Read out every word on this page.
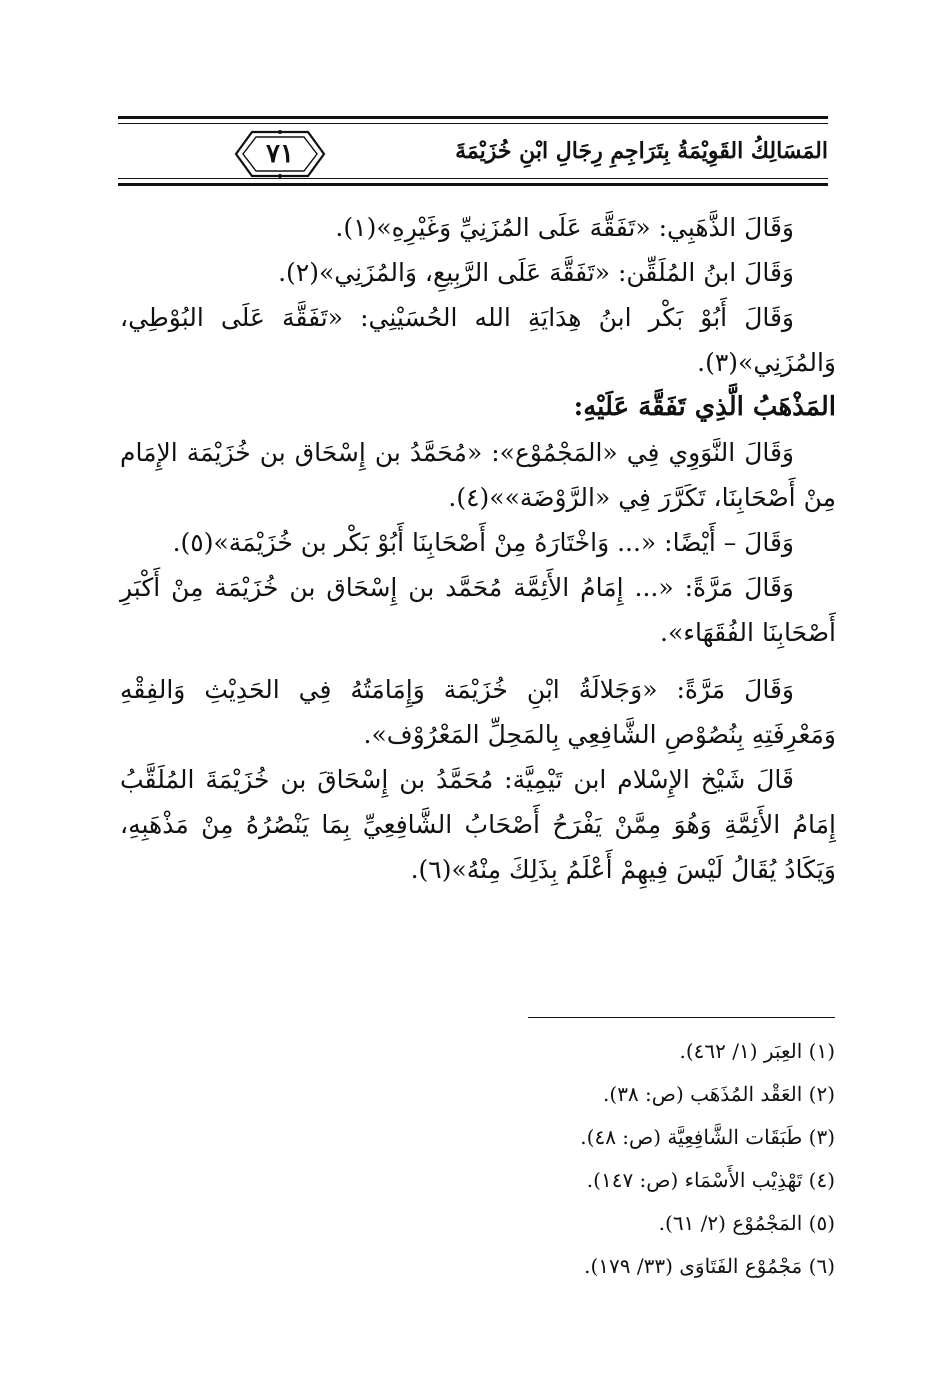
٧١	المَسَالِكُ القَوِيْمَةُ بِتَرَاجِمِ رِجَالِ ابْنِ خُزَيْمَةَ

وَقَالَ الذَّهَبِي: «تَفَقَّهَ عَلَى المُزَنِيِّ وَغَيْرِهِ»(١).

وَقَالَ ابنُ المُلَقِّن: «تَفَقَّهَ عَلَى الرَّبِيعِ، وَالمُزَنِي»(٢).

وَقَالَ أَبُوْ بَكْر ابنُ هِدَايَةِ الله الحُسَيْنِي: «تَفَقَّهَ عَلَى البُوْطِي، وَالمُزَنِي»(٣).

المَذْهَبُ الَّذِي تَفَقَّهَ عَلَيْهِ:

وَقَالَ النَّوَوِي فِي «المَجْمُوْع»: «مُحَمَّدُ بن إِسْحَاق بن خُزَيْمَة الإِمَام مِنْ أَصْحَابِنَا، تَكَرَّرَ فِي «الرَّوْضَة»»(٤).

وَقَالَ – أَيْضًا: «... وَاخْتَارَهُ مِنْ أَصْحَابِنَا أَبُوْ بَكْر بن خُزَيْمَة»(٥).

وَقَالَ مَرَّةً: «... إِمَامُ الأَئِمَّة مُحَمَّد بن إِسْحَاق بن خُزَيْمَة مِنْ أَكْبَرِ أَصْحَابِنَا الفُقَهَاء».

وَقَالَ مَرَّةً: «وَجَلالَةُ ابْنِ خُزَيْمَة وَإِمَامَتُهُ فِي الحَدِيْثِ وَالفِقْهِ وَمَعْرِفَتِهِ بِنُصُوْصِ الشَّافِعِي بِالمَحِلِّ المَعْرُوْف».

قَالَ شَيْخ الإِسْلام ابن تَيْمِيَّة: مُحَمَّدُ بن إِسْحَاقَ بن خُزَيْمَةَ المُلَقَّبُ إِمَامُ الأَئِمَّةِ وَهُوَ مِمَّنْ يَفْرَحُ أَصْحَابُ الشَّافِعِيِّ بِمَا يَنْصُرُهُ مِنْ مَذْهَبِهِ، وَيَكَادُ يُقَالُ لَيْسَ فِيهِمْ أَعْلَمُ بِذَلِكَ مِنْهُ»(٦).

(١) العِبَر (١/ ٤٦٢).

(٢) العَقْد المُذَهَب (ص: ٣٨).

(٣) طَبَقَات الشَّافِعِيَّة (ص: ٤٨).

(٤) تَهْذِيْب الأَسْمَاء (ص: ١٤٧).

(٥) المَجْمُوْع (٢/ ٦١).

(٦) مَجْمُوْع الفَتَاوَى (٣٣/ ١٧٩).
